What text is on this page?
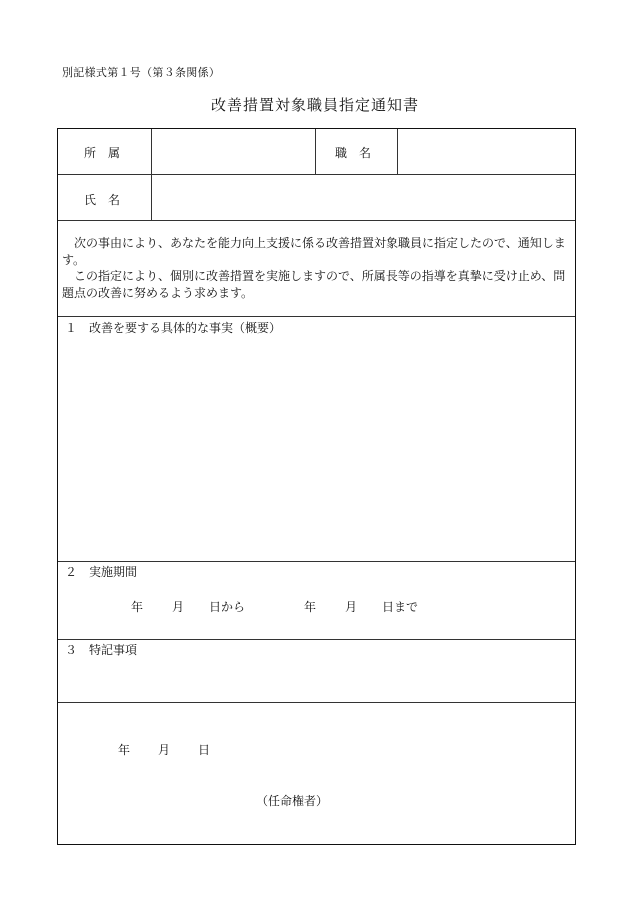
別記様式第１号（第３条関係）
改善措置対象職員指定通知書
所　属	職　名
氏　名

次の事由により、あなたを能力向上支援に係る改善措置対象職員に指定したので、通知します。

この指定により、個別に改善措置を実施しますので、所属長等の指導を真摯に受け止め、問題点の改善に努めるよう求めます。

１　改善を要する具体的な事実（概要）
２　実施期間
年 月 日から	年 月 日まで
３　特記事項
年 月 日
（任命権者）
